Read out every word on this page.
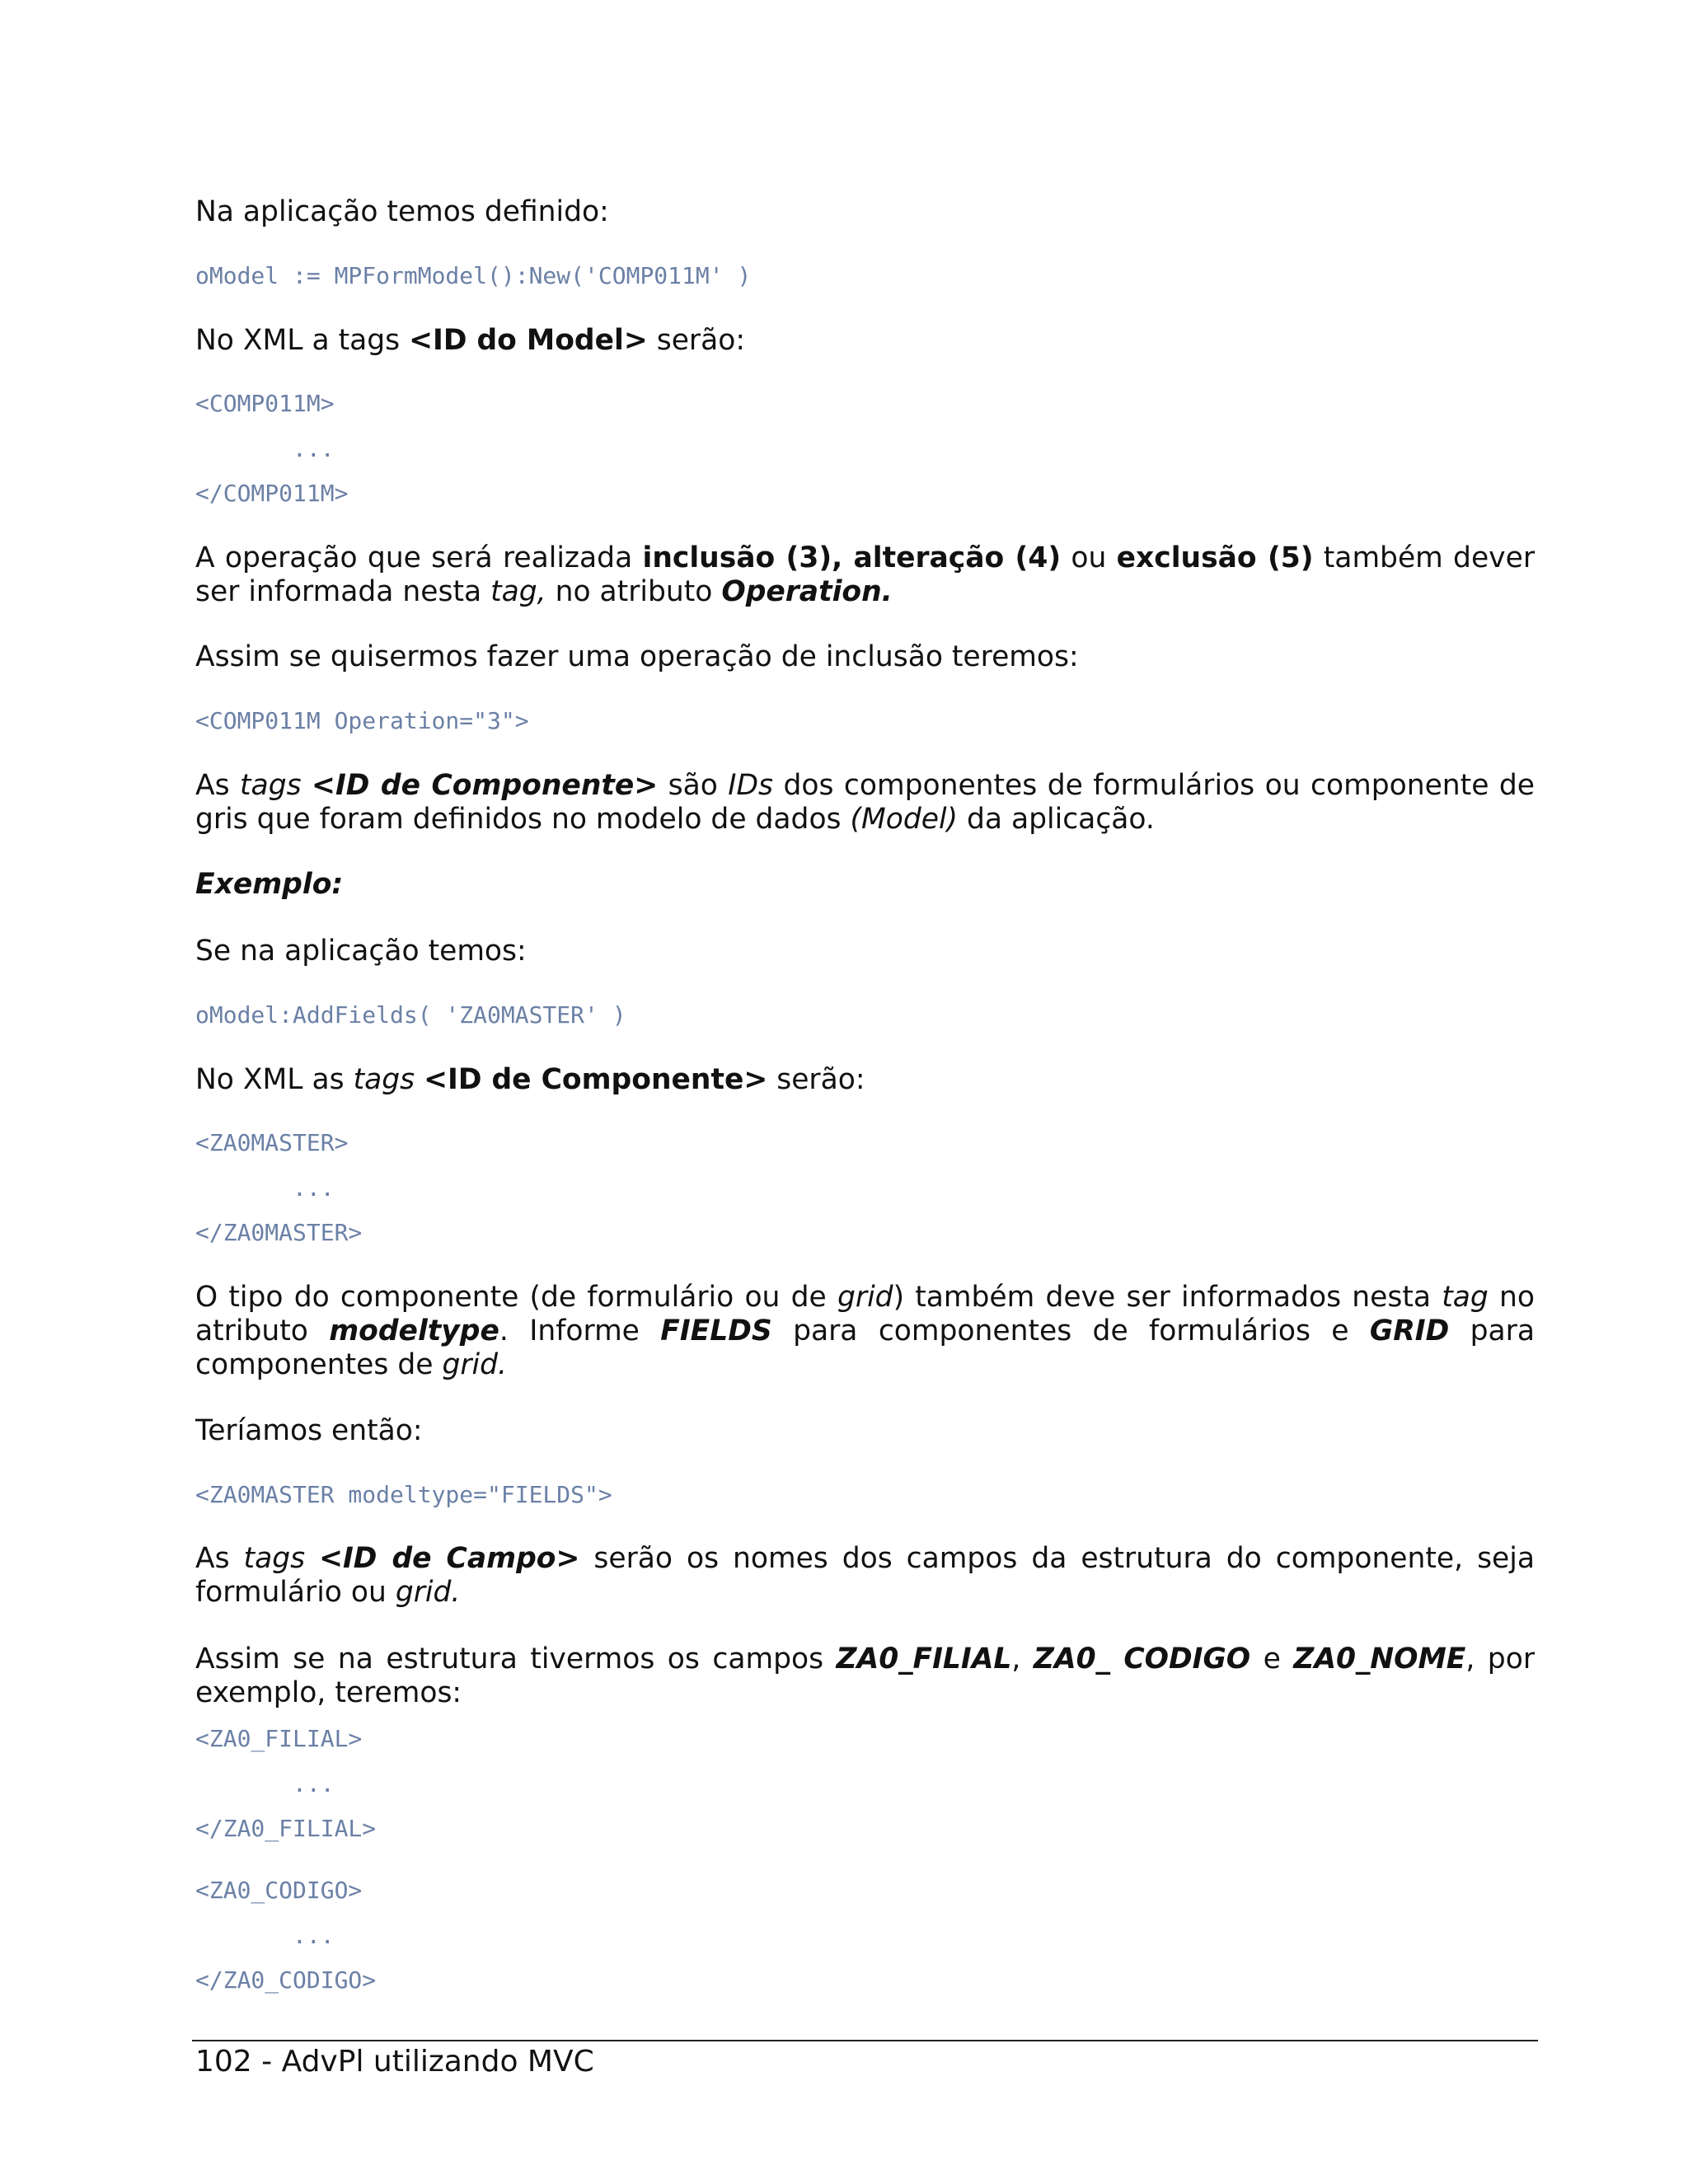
Na aplicação temos definido:

oModel := MPFormModel():New('COMP011M' )

No XML a tags <ID do Model> serão:

<COMP011M>
...
</COMP011M>

A operação que será realizada inclusão (3), alteração (4) ou exclusão (5) também dever
ser informada nesta tag, no atributo Operation.

Assim se quisermos fazer uma operação de inclusão teremos:

<COMP011M Operation="3">

As tags <ID de Componente> são IDs dos componentes de formulários ou componente de
gris que foram definidos no modelo de dados (Model) da aplicação.

Exemplo:

Se na aplicação temos:

oModel:AddFields( 'ZA0MASTER' )

No XML as tags <ID de Componente> serão:

<ZA0MASTER>
...
</ZA0MASTER>

O tipo do componente (de formulário ou de grid) também deve ser informados nesta tag no
atributo modeltype. Informe FIELDS para componentes de formulários e GRID para
componentes de grid.

Teríamos então:

<ZA0MASTER modeltype="FIELDS">

As tags <ID de Campo> serão os nomes dos campos da estrutura do componente, seja
formulário ou grid.

Assim se na estrutura tivermos os campos ZA0_FILIAL, ZA0_ CODIGO e ZA0_NOME, por
exemplo, teremos:

<ZA0_FILIAL>
...
</ZA0_FILIAL>
<ZA0_CODIGO>
...
</ZA0_CODIGO>
102 - AdvPl utilizando MVC
